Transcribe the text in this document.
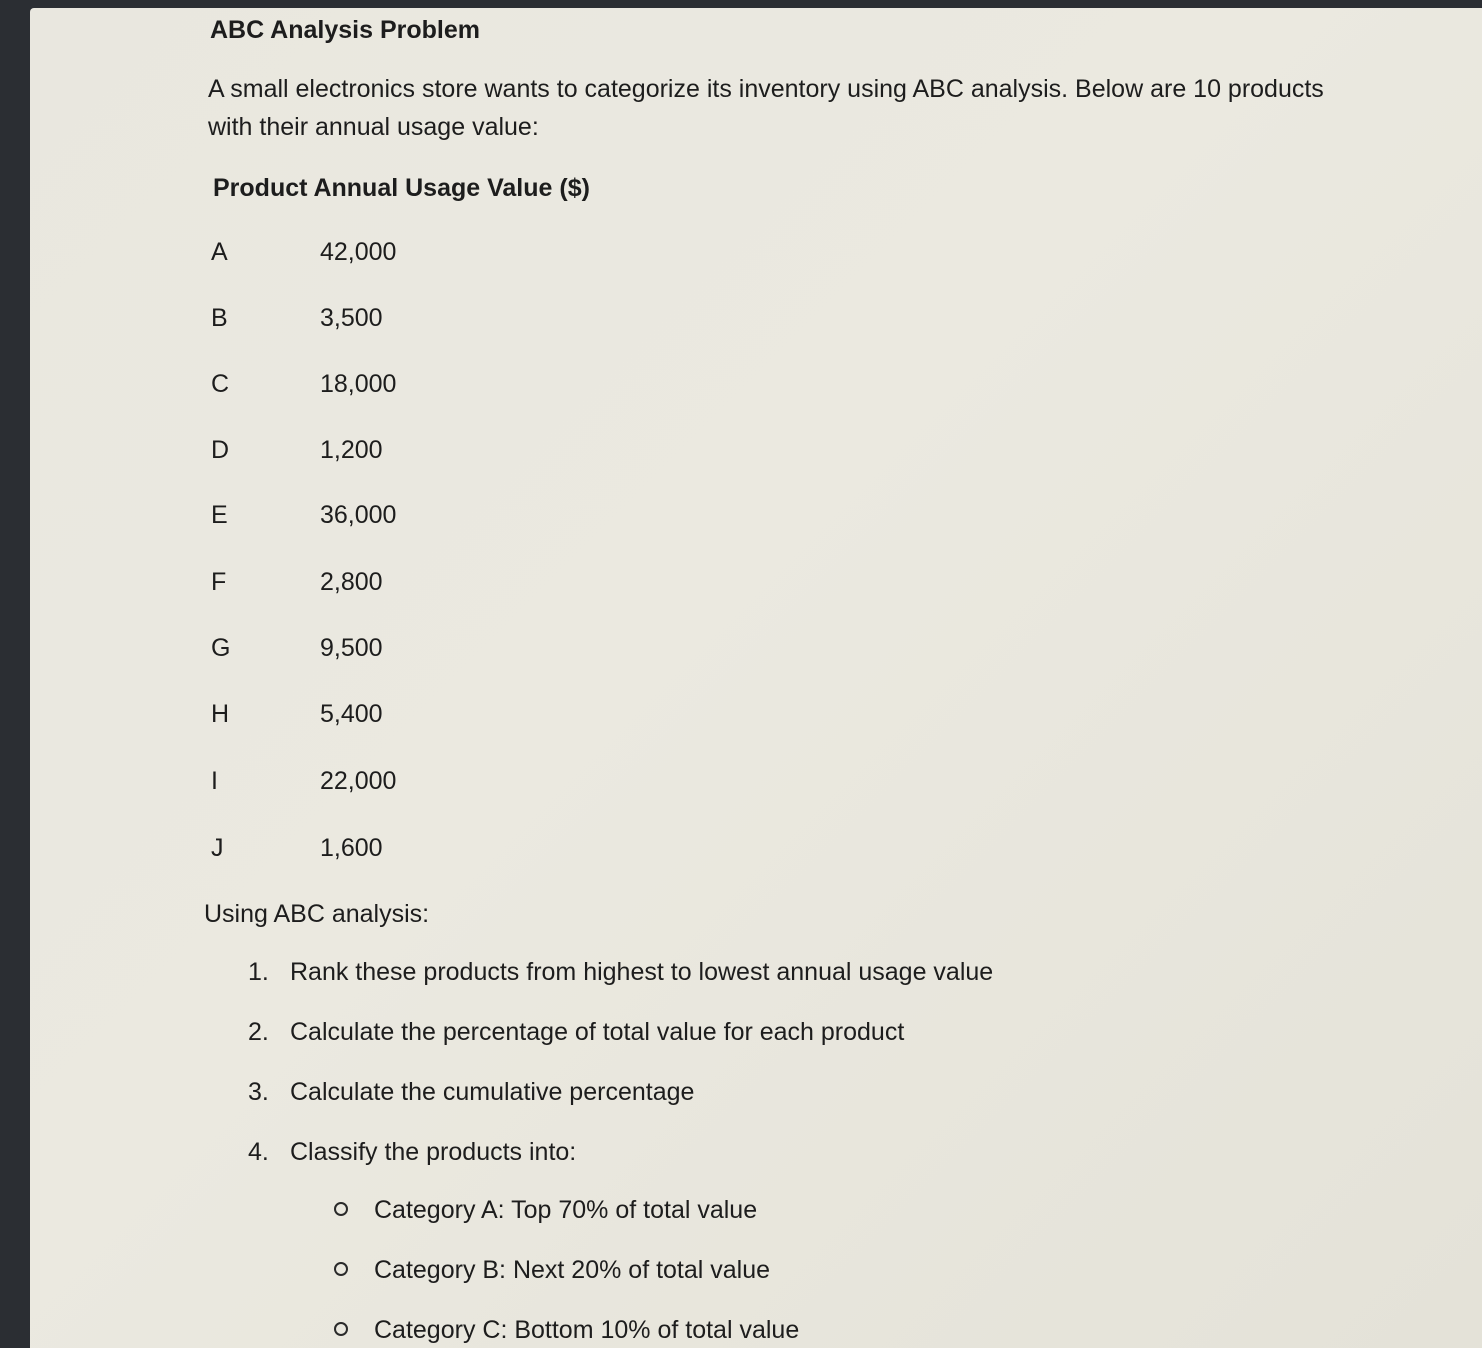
ABC Analysis Problem
A small electronics store wants to categorize its inventory using ABC analysis. Below are 10 products with their annual usage value:
Product Annual Usage Value ($)
A	42,000
B	3,500
C	18,000
D	1,200
E	36,000
F	2,800
G	9,500
H	5,400
I	22,000
J	1,600
Using ABC analysis:
1. Rank these products from highest to lowest annual usage value
2. Calculate the percentage of total value for each product
3. Calculate the cumulative percentage
4. Classify the products into:
Category A: Top 70% of total value
Category B: Next 20% of total value
Category C: Bottom 10% of total value
